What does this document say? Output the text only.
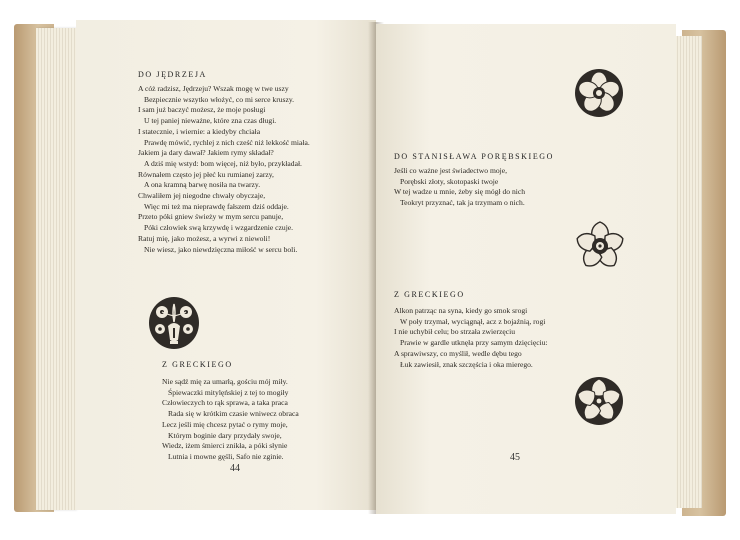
DO JĘDRZEJA
A cóż radzisz, Jędrzeju? Wszak mogę w twe uszy
Bezpiecznie wszytko włożyć, co mi serce kruszy.
I sam już baczyć możesz, że moje posługi
U tej paniej nieważne, które zna czas długi.
I statecznie, i wiernie: a kiedyby chciała
Prawdę mówić, rychlej z nich cześć niż lekkość miała.
Jakiem ja dary dawał? Jakiem rymy składał?
A dziś mię wstyd: bom więcej, niż było, przykładał.
Równałem często jej płeć ku rumianej zarzy,
A ona kramną barwę nosiła na twarzy.
Chwaliłem jej niegodne chwały obyczaje,
Więc mi też ma nieprawdę fałszem dziś oddaje.
Przeto póki gniew świeży w mym sercu panuje,
Póki człowiek swą krzywdę i wzgardzenie czuje.
Ratuj mię, jako możesz, a wyrwi z niewoli!
Nie wiesz, jako niewdzięczna miłość w sercu boli.
Z GRECKIEGO
Nie sądź mię za umarłą, gościu mój miły.
Śpiewaczki mitylęńskiej z tej to mogiły
Człowieczych to rąk sprawa, a taka praca
Rada się w krótkim czasie wniwecz obraca
Lecz jeśli mię chcesz pytać o rymy moje,
Którym boginie dary przydały swoje,
Wiedz, iżem śmierci znikła, a póki słynie
Lutnia i mowne gęśli, Safo nie zginie.
44
DO STANISŁAWA PORĘBSKIEGO
Jeśli co ważne jest świadectwo moje,
Porębski złoty, skotopaski twoje
W tej wadze u mnie, żeby się mógł do nich
Teokryt przyznać, tak ja trzymam o nich.
Z GRECKIEGO
Alkon patrząc na syna, kiedy go smok srogi
W poły trzymał, wyciągnął, acz z bojaźnią, rogi
I nie uchybił celu; bo strzała zwierzęciu
Prawie w gardle utknęła przy samym dzięcięciu:
A sprawiwszy, co myślił, wedle dębu tego
Łuk zawiesił, znak szczęścia i oka mierego.
45
